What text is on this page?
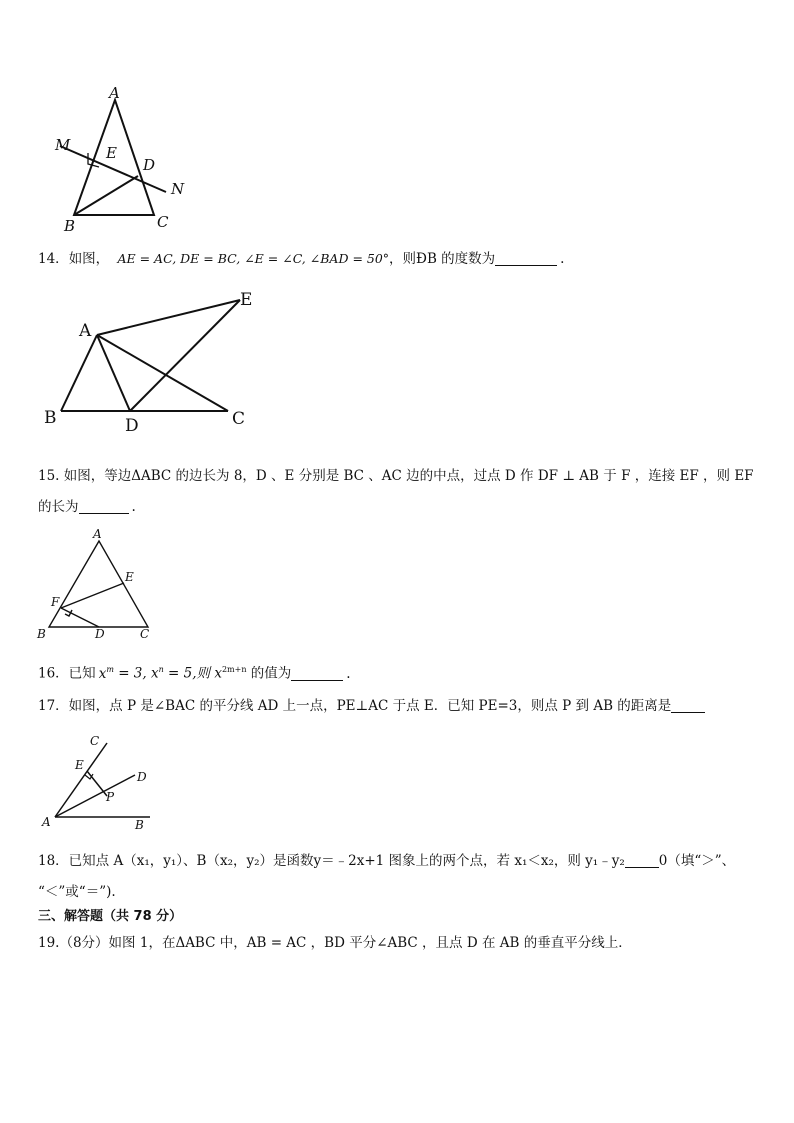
A
M E
D
N
B	C
14．如图， AE = AC, DE = BC, ∠E = ∠C, ∠BAD = 50°，则ÐB 的度数为	.
A
E
B	D	C
15. 如图，等边ΔABC 的边长为 8，D 、E 分别是 BC 、AC 边的中点，过点 D 作 DF ⊥ AB 于 F ，连接 EF ，则 EF
的长为	.
A
E
F
B	D	C
16．已知 $x^m = 3$, $x^n = 5$,则 $x^{2m+n}$ 的值为	.
17．如图，点 P 是∠BAC 的平分线 AD 上一点，PE⊥AC 于点 E．已知 PE=3，则点 P 到 AB 的距离是
C
E
D
P
A	B
18．已知点 A（x₁，y₁）、B（x₂，y₂）是函数y＝﹣2x+1 图象上的两个点，若 x₁＜x₂，则 y₁﹣y₂	0（填“＞”、
“＜”或“＝”).
三、解答题（共 78 分）
19.（8分）如图 1，在ΔABC 中，AB = AC ，BD 平分∠ABC ，且点 D 在 AB 的垂直平分线上．
